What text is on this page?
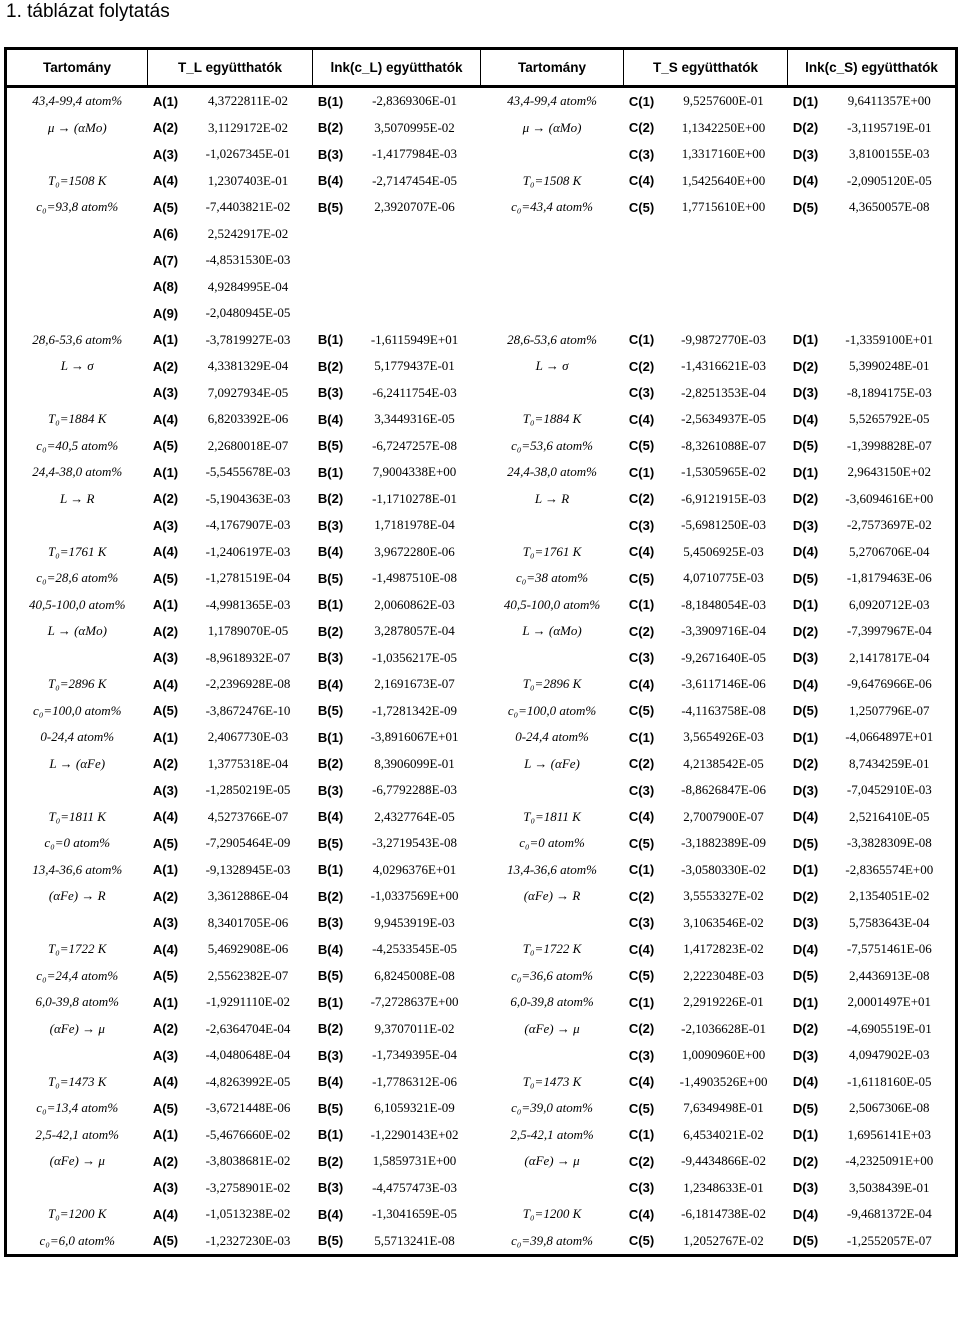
1. táblázat folytatás
Tartomány	T_L együtthatók		lnk(c_L) együtthatók		Tartomány	T_S együtthatók		lnk(c_S) együtthatók	
43,4-99,4 atom%	A(1)	4,3722811E-02	B(1)	-2,8369306E-01	43,4-99,4 atom%	C(1)	9,5257600E-01	D(1)	9,6411357E+00
μ → (αMo)	A(2)	3,1129172E-02	B(2)	3,5070995E-02	μ → (αMo)	C(2)	1,1342250E+00	D(2)	-3,1195719E-01
	A(3)	-1,0267345E-01	B(3)	-1,4177984E-03		C(3)	1,3317160E+00	D(3)	3,8100155E-03
T₀=1508 K	A(4)	1,2307403E-01	B(4)	-2,7147454E-05	T₀=1508 K	C(4)	1,5425640E+00	D(4)	-2,0905120E-05
c₀=93,8 atom%	A(5)	-7,4403821E-02	B(5)	2,3920707E-06	c₀=43,4 atom%	C(5)	1,7715610E+00	D(5)	4,3650057E-08
	A(6)	2,5242917E-02							
	A(7)	-4,8531530E-03							
	A(8)	4,9284995E-04							
	A(9)	-2,0480945E-05							
28,6-53,6 atom%	A(1)	-3,7819927E-03	B(1)	-1,6115949E+01	28,6-53,6 atom%	C(1)	-9,9872770E-03	D(1)	-1,3359100E+01
L → σ	A(2)	4,3381329E-04	B(2)	5,1779437E-01	L → σ	C(2)	-1,4316621E-03	D(2)	5,3990248E-01
	A(3)	7,0927934E-05	B(3)	-6,2411754E-03		C(3)	-2,8251353E-04	D(3)	-8,1894175E-03
T₀=1884 K	A(4)	6,8203392E-06	B(4)	3,3449316E-05	T₀=1884 K	C(4)	-2,5634937E-05	D(4)	5,5265792E-05
c₀=40,5 atom%	A(5)	2,2680018E-07	B(5)	-6,7247257E-08	c₀=53,6 atom%	C(5)	-8,3261088E-07	D(5)	-1,3998828E-07
24,4-38,0 atom%	A(1)	-5,5455678E-03	B(1)	7,9004338E+00	24,4-38,0 atom%	C(1)	-1,5305965E-02	D(1)	2,9643150E+02
L → R	A(2)	-5,1904363E-03	B(2)	-1,1710278E-01	L → R	C(2)	-6,9121915E-03	D(2)	-3,6094616E+00
	A(3)	-4,1767907E-03	B(3)	1,7181978E-04		C(3)	-5,6981250E-03	D(3)	-2,7573697E-02
T₀=1761 K	A(4)	-1,2406197E-03	B(4)	3,9672280E-06	T₀=1761 K	C(4)	5,4506925E-03	D(4)	5,2706706E-04
c₀=28,6 atom%	A(5)	-1,2781519E-04	B(5)	-1,4987510E-08	c₀=38 atom%	C(5)	4,0710775E-03	D(5)	-1,8179463E-06
40,5-100,0 atom%	A(1)	-4,9981365E-03	B(1)	2,0060862E-03	40,5-100,0 atom%	C(1)	-8,1848054E-03	D(1)	6,0920712E-03
L → (αMo)	A(2)	1,1789070E-05	B(2)	3,2878057E-04	L → (αMo)	C(2)	-3,3909716E-04	D(2)	-7,3997967E-04
	A(3)	-8,9618932E-07	B(3)	-1,0356217E-05		C(3)	-9,2671640E-05	D(3)	2,1417817E-04
T₀=2896 K	A(4)	-2,2396928E-08	B(4)	2,1691673E-07	T₀=2896 K	C(4)	-3,6117146E-06	D(4)	-9,6476966E-06
c₀=100,0 atom%	A(5)	-3,8672476E-10	B(5)	-1,7281342E-09	c₀=100,0 atom%	C(5)	-4,1163758E-08	D(5)	1,2507796E-07
0-24,4 atom%	A(1)	2,4067730E-03	B(1)	-3,8916067E+01	0-24,4 atom%	C(1)	3,5654926E-03	D(1)	-4,0664897E+01
L → (αFe)	A(2)	1,3775318E-04	B(2)	8,3906099E-01	L → (αFe)	C(2)	4,2138542E-05	D(2)	8,7434259E-01
	A(3)	-1,2850219E-05	B(3)	-6,7792288E-03		C(3)	-8,8626847E-06	D(3)	-7,0452910E-03
T₀=1811 K	A(4)	4,5273766E-07	B(4)	2,4327764E-05	T₀=1811 K	C(4)	2,7007900E-07	D(4)	2,5216410E-05
c₀=0 atom%	A(5)	-7,2905464E-09	B(5)	-3,2719543E-08	c₀=0 atom%	C(5)	-3,1882389E-09	D(5)	-3,3828309E-08
13,4-36,6 atom%	A(1)	-9,1328945E-03	B(1)	4,0296376E+01	13,4-36,6 atom%	C(1)	-3,0580330E-02	D(1)	-2,8365574E+00
(αFe) → R	A(2)	3,3612886E-04	B(2)	-1,0337569E+00	(αFe) → R	C(2)	3,5553327E-02	D(2)	2,1354051E-02
	A(3)	8,3401705E-06	B(3)	9,9453919E-03		C(3)	3,1063546E-02	D(3)	5,7583643E-04
T₀=1722 K	A(4)	5,4692908E-06	B(4)	-4,2533545E-05	T₀=1722 K	C(4)	1,4172823E-02	D(4)	-7,5751461E-06
c₀=24,4 atom%	A(5)	2,5562382E-07	B(5)	6,8245008E-08	c₀=36,6 atom%	C(5)	2,2223048E-03	D(5)	2,4436913E-08
6,0-39,8 atom%	A(1)	-1,9291110E-02	B(1)	-7,2728637E+00	6,0-39,8 atom%	C(1)	2,2919226E-01	D(1)	2,0001497E+01
(αFe) → μ	A(2)	-2,6364704E-04	B(2)	9,3707011E-02	(αFe) → μ	C(2)	-2,1036628E-01	D(2)	-4,6905519E-01
	A(3)	-4,0480648E-04	B(3)	-1,7349395E-04		C(3)	1,0090960E+00	D(3)	4,0947902E-03
T₀=1473 K	A(4)	-4,8263992E-05	B(4)	-1,7786312E-06	T₀=1473 K	C(4)	-1,4903526E+00	D(4)	-1,6118160E-05
c₀=13,4 atom%	A(5)	-3,6721448E-06	B(5)	6,1059321E-09	c₀=39,0 atom%	C(5)	7,6349498E-01	D(5)	2,5067306E-08
2,5-42,1 atom%	A(1)	-5,4676660E-02	B(1)	-1,2290143E+02	2,5-42,1 atom%	C(1)	6,4534021E-02	D(1)	1,6956141E+03
(αFe) → μ	A(2)	-3,8038681E-02	B(2)	1,5859731E+00	(αFe) → μ	C(2)	-9,4434866E-02	D(2)	-4,2325091E+00
	A(3)	-3,2758901E-02	B(3)	-4,4757473E-03		C(3)	1,2348633E-01	D(3)	3,5038439E-01
T₀=1200 K	A(4)	-1,0513238E-02	B(4)	-1,3041659E-05	T₀=1200 K	C(4)	-6,1814738E-02	D(4)	-9,4681372E-04
c₀=6,0 atom%	A(5)	-1,2327230E-03	B(5)	5,5713241E-08	c₀=39,8 atom%	C(5)	1,2052767E-02	D(5)	-1,2552057E-07
